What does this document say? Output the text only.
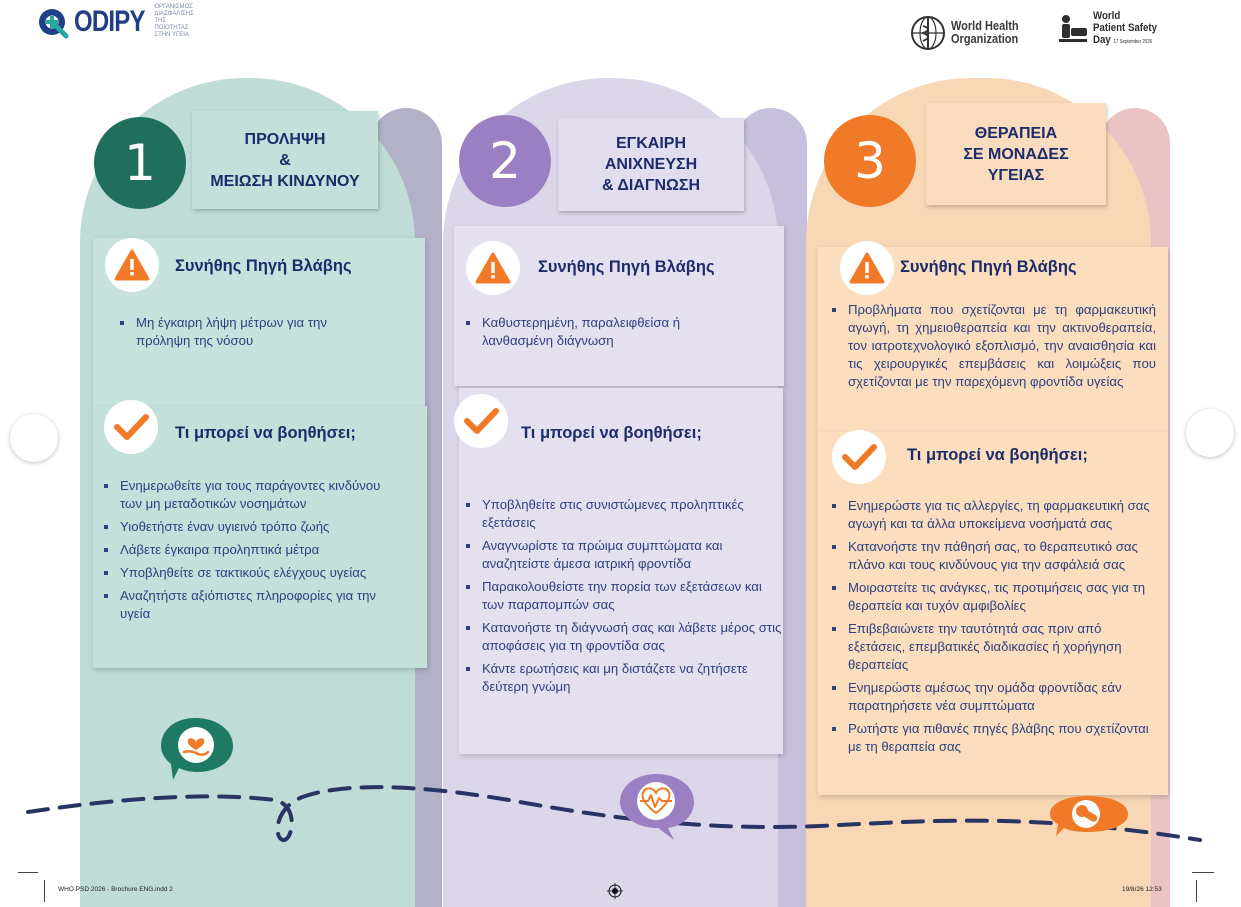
ODIPY ΟΡΓΑΝΙΣΜΟΣ ΔΙΑΣΦΑΛΙΣΗΣ ΤΗΣ ΠΟΙΟΤΗΤΑΣ ΣΤΗΝ ΥΓΕΙΑ
World Health
Organization
World
Patient Safety
Day 17 September 2026
1	ΠΡΟΛΗΨΗ
&
ΜΕΙΩΣΗ ΚΙΝΔΥΝΟΥ	2	ΕΓΚΑΙΡΗ
ΑΝΙΧΝΕΥΣΗ
& ΔΙΑΓΝΩΣΗ	3	ΘΕΡΑΠΕΙΑ
ΣΕ ΜΟΝΑΔΕΣ
ΥΓΕΙΑΣ
Συνήθης Πηγή Βλάβης
Τι μπορεί να βοηθήσει;
Συνήθης Πηγή Βλάβης
Τι μπορεί να βοηθήσει;
Συνήθης Πηγή Βλάβης
Τι μπορεί να βοηθήσει;
Μη έγκαιρη λήψη μέτρων για την πρόληψη της νόσου
Ενημερωθείτε για τους παράγοντες κινδύνου των μη μεταδοτικών νοσημάτων
Υιοθετήστε έναν υγιεινό τρόπο ζωής
Λάβετε έγκαιρα προληπτικά μέτρα
Υποβληθείτε σε τακτικούς ελέγχους υγείας
Αναζητήστε αξιόπιστες πληροφορίες για την υγεία
Καθυστερημένη, παραλειφθείσα ή λανθασμένη διάγνωση
Υποβληθείτε στις συνιστώμενες προληπτικές εξετάσεις
Αναγνωρίστε τα πρώιμα συμπτώματα και αναζητείστε άμεσα ιατρική φροντίδα
Παρακολουθείστε την πορεία των εξετάσεων και των παραπομπών σας
Κατανοήστε τη διάγνωσή σας και λάβετε μέρος στις αποφάσεις για τη φροντίδα σας
Κάντε ερωτήσεις και μη διστάζετε να ζητήσετε δεύτερη γνώμη
Προβλήματα που σχετίζονται με τη φαρμακευτική αγωγή, τη χημειοθεραπεία και την ακτινοθεραπεία, τον ιατροτεχνολογικό εξοπλισμό, την αναισθησία και τις χειρουργικές επεμβάσεις και λοιμώξεις που σχετίζονται με την παρεχόμενη φροντίδα υγείας
Ενημερώστε για τις αλλεργίες, τη φαρμακευτική σας αγωγή και τα άλλα υποκείμενα νοσήματά σας
Κατανοήστε την πάθησή σας, το θεραπευτικό σας πλάνο και τους κινδύνους για την ασφάλειά σας
Μοιραστείτε τις ανάγκες, τις προτιμήσεις σας για τη θεραπεία και τυχόν αμφιβολίες
Επιβεβαιώνετε την ταυτότητά σας πριν από εξετάσεις, επεμβατικές διαδικασίες ή χορήγηση θεραπείας
Ενημερώστε αμέσως την ομάδα φροντίδας εάν παρατηρήσετε νέα συμπτώματα
Ρωτήστε για πιθανές πηγές βλάβης που σχετίζονται με τη θεραπεία σας
WHO PSD 2026 - Brochure ENG.indd 2	19/8/26 12:53
